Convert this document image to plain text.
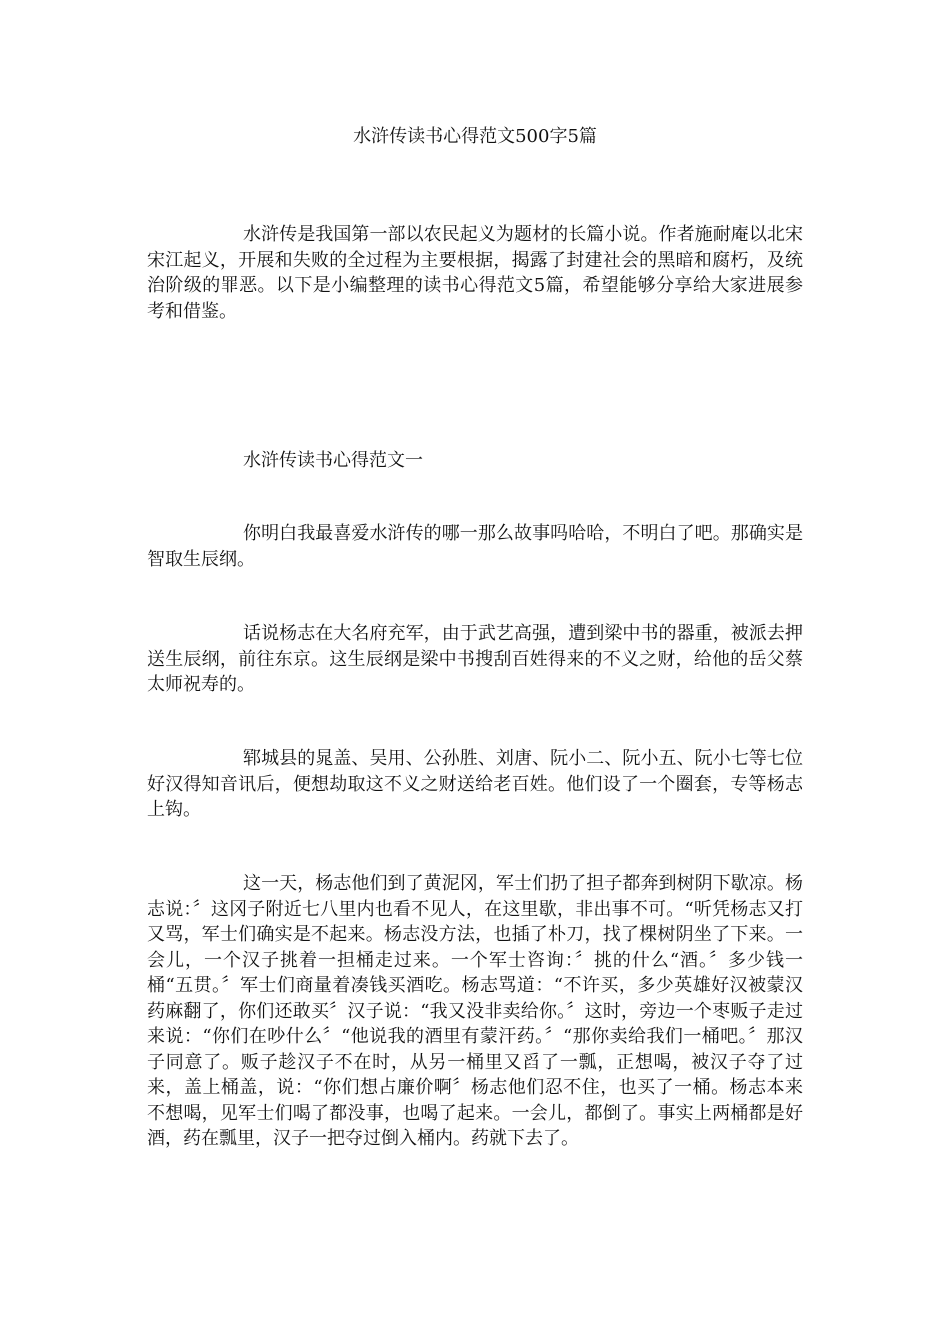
水浒传读书心得范文500字5篇

水浒传是我国第一部以农民起义为题材的长篇小说。作者施耐庵以北宋宋江起义，开展和失败的全过程为主要根据，揭露了封建社会的黑暗和腐朽，及统治阶级的罪恶。以下是小编整理的读书心得范文5篇，希望能够分享给大家进展参考和借鉴。

水浒传读书心得范文一

你明白我最喜爱水浒传的哪一那么故事吗哈哈，不明白了吧。那确实是智取生辰纲。

话说杨志在大名府充军，由于武艺高强，遭到梁中书的器重，被派去押送生辰纲，前往东京。这生辰纲是梁中书搜刮百姓得来的不义之财，给他的岳父蔡太师祝寿的。

郓城县的晁盖、吴用、公孙胜、刘唐、阮小二、阮小五、阮小七等七位好汉得知音讯后，便想劫取这不义之财送给老百姓。他们设了一个圈套，专等杨志上钩。

这一天，杨志他们到了黄泥冈，军士们扔了担子都奔到树阴下歇凉。杨志说：〞这冈子附近七八里内也看不见人，在这里歇，非出事不可。“听凭杨志又打又骂，军士们确实是不起来。杨志没方法，也插了朴刀，找了棵树阴坐了下来。一会儿，一个汉子挑着一担桶走过来。一个军士咨询：〞挑的什么“酒。〞多少钱一桶“五贯。〞军士们商量着凑钱买酒吃。杨志骂道：“不许买，多少英雄好汉被蒙汉药麻翻了，你们还敢买〞汉子说：“我又没非卖给你。〞这时，旁边一个枣贩子走过来说：“你们在吵什么〞“他说我的酒里有蒙汗药。〞“那你卖给我们一桶吧。〞那汉子同意了。贩子趁汉子不在时，从另一桶里又舀了一瓢，正想喝，被汉子夺了过来，盖上桶盖，说：“你们想占廉价啊〞杨志他们忍不住，也买了一桶。杨志本来不想喝，见军士们喝了都没事，也喝了起来。一会儿，都倒了。事实上两桶都是好酒，药在瓢里，汉子一把夺过倒入桶内。药就下去了。
